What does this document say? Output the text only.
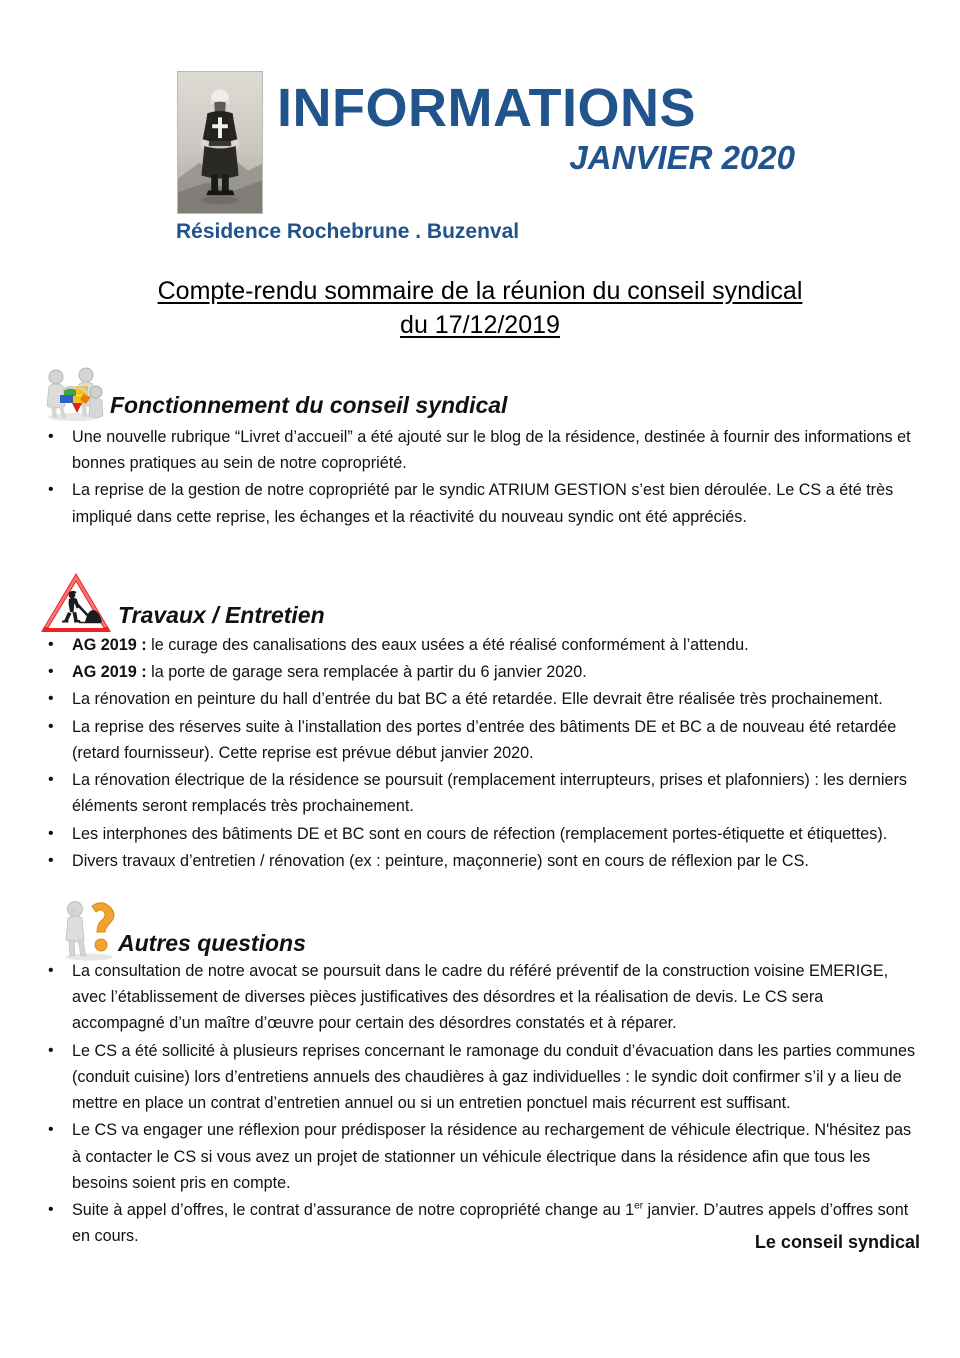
INFORMATIONS
JANVIER 2020
Résidence Rochebrune . Buzenval
Compte-rendu sommaire de la réunion du conseil syndical
du 17/12/2019
Fonctionnement du conseil syndical
• Une nouvelle rubrique “Livret d’accueil” a été ajouté sur le blog de la résidence, destinée à fournir des informations et bonnes pratiques au sein de notre copropriété.
• La reprise de la gestion de notre copropriété par le syndic ATRIUM GESTION s’est bien déroulée. Le CS a été très impliqué dans cette reprise, les échanges et la réactivité du nouveau syndic ont été appréciés.
Travaux / Entretien
• AG 2019 : le curage des canalisations des eaux usées a été réalisé conformément à l’attendu.
• AG 2019 : la porte de garage sera remplacée à partir du 6 janvier 2020.
• La rénovation en peinture du hall d’entrée du bat BC a été retardée. Elle devrait être réalisée très prochainement.
• La reprise des réserves suite à l’installation des portes d’entrée des bâtiments DE et BC a de nouveau été retardée (retard fournisseur). Cette reprise est prévue début janvier 2020.
• La rénovation électrique de la résidence se poursuit (remplacement interrupteurs, prises et plafonniers) : les derniers éléments seront remplacés très prochainement.
• Les interphones des bâtiments DE et BC sont en cours de réfection (remplacement portes-étiquette et étiquettes).
• Divers travaux d’entretien / rénovation (ex : peinture, maçonnerie) sont en cours de réflexion par le CS.
Autres questions
• La consultation de notre avocat se poursuit dans le cadre du référé préventif de la construction voisine EMERIGE, avec l’établissement de diverses pièces justificatives des désordres et la réalisation de devis. Le CS sera accompagné d’un maître d’œuvre pour certain des désordres constatés et à réparer.
• Le CS a été sollicité à plusieurs reprises concernant le ramonage du conduit d’évacuation dans les parties communes (conduit cuisine) lors d’entretiens annuels des chaudières à gaz individuelles : le syndic doit confirmer s’il y a lieu de mettre en place un contrat d’entretien annuel ou si un entretien ponctuel mais récurrent est suffisant.
• Le CS va engager une réflexion pour prédisposer la résidence au rechargement de véhicule électrique. N'hésitez pas à contacter le CS si vous avez un projet de stationner un véhicule électrique dans la résidence afin que tous les besoins soient pris en compte.
• Suite à appel d’offres, le contrat d’assurance de notre copropriété change au 1er janvier. D’autres appels d’offres sont en cours.	Le conseil syndical
